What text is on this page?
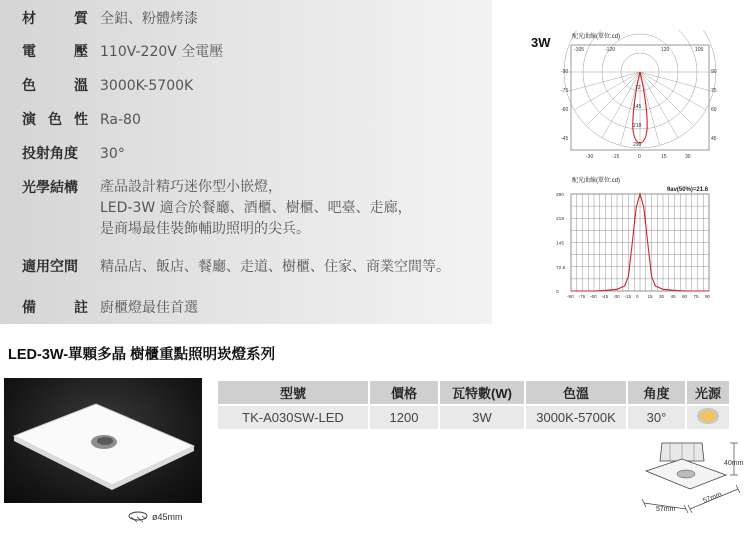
材	質 全鋁、粉體烤漆
電	壓 110V-220V 全電壓
色	溫 3000K-5700K
演 色 性 Ra-80
投射角度 30°
光學結構 產品設計精巧迷你型小嵌燈，
LED-3W 適合於餐廳、酒櫃、樹櫃、吧臺、走廊，
是商場最佳裝飾輔助照明的尖兵。
適用空間 精品店、飯店、餐廳、走道、樹櫃、住家、商業空間等。
備	註 廚櫃燈最佳首選
3W	配光曲線(單位:cd)
-105	-120	120	105
-90
-75
-60
-45
90
75
60
45
-30	-15	0	15	30
72
145
218
290
配光曲線(單位:cd)
θav(50%)=21.6
-90 -75 -60 -45 -30 -15 0 15 30 45 60 75 90
0
72.5
145
218
290
LED-3W-單顆多晶 樹櫃重點照明崁燈系列
ø45mm
型號	價格	瓦特數(W)	色溫	角度	光源
TK-A030SW-LED	1200	3W	3000K-5700K	30°	
40mm
57mm
57mm
